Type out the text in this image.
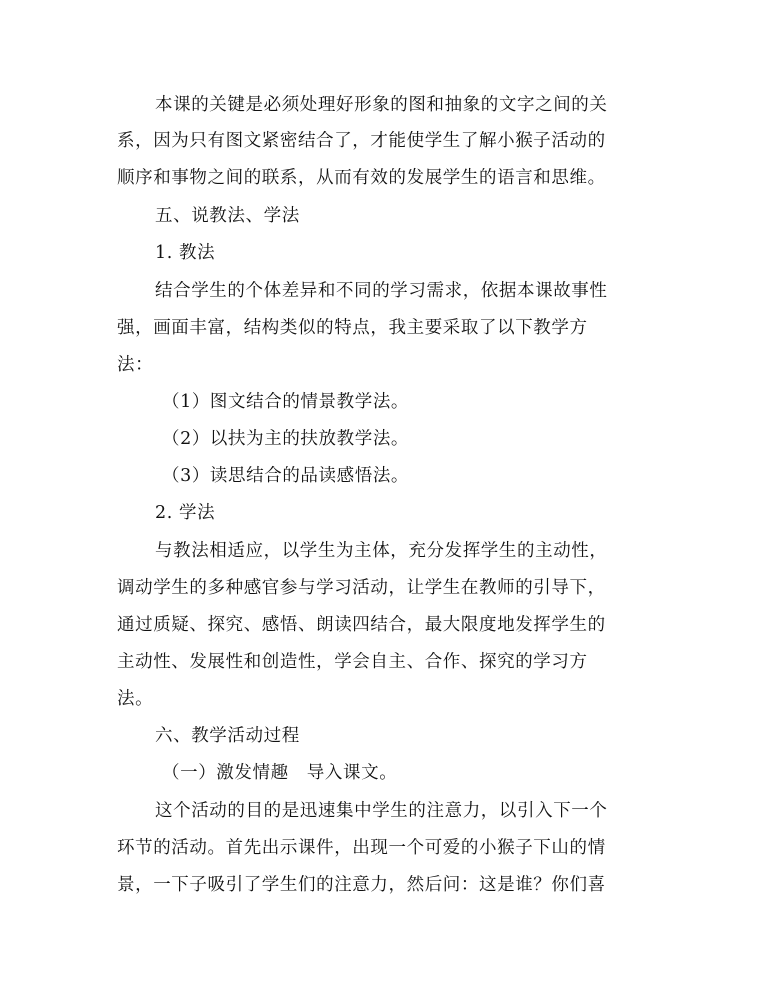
本课的关键是必须处理好形象的图和抽象的文字之间的关
系，因为只有图文紧密结合了，才能使学生了解小猴子活动的
顺序和事物之间的联系，从而有效的发展学生的语言和思维。
五、说教法、学法
1. 教法
结合学生的个体差异和不同的学习需求，依据本课故事性
强，画面丰富，结构类似的特点，我主要采取了以下教学方
法：
（1）图文结合的情景教学法。
（2）以扶为主的扶放教学法。
（3）读思结合的品读感悟法。
2. 学法
与教法相适应，以学生为主体，充分发挥学生的主动性，
调动学生的多种感官参与学习活动，让学生在教师的引导下，
通过质疑、探究、感悟、朗读四结合，最大限度地发挥学生的
主动性、发展性和创造性，学会自主、合作、探究的学习方
法。
六、教学活动过程
（一）激发情趣　导入课文。
这个活动的目的是迅速集中学生的注意力，以引入下一个
环节的活动。首先出示课件，出现一个可爱的小猴子下山的情
景，一下子吸引了学生们的注意力，然后问：这是谁？你们喜
